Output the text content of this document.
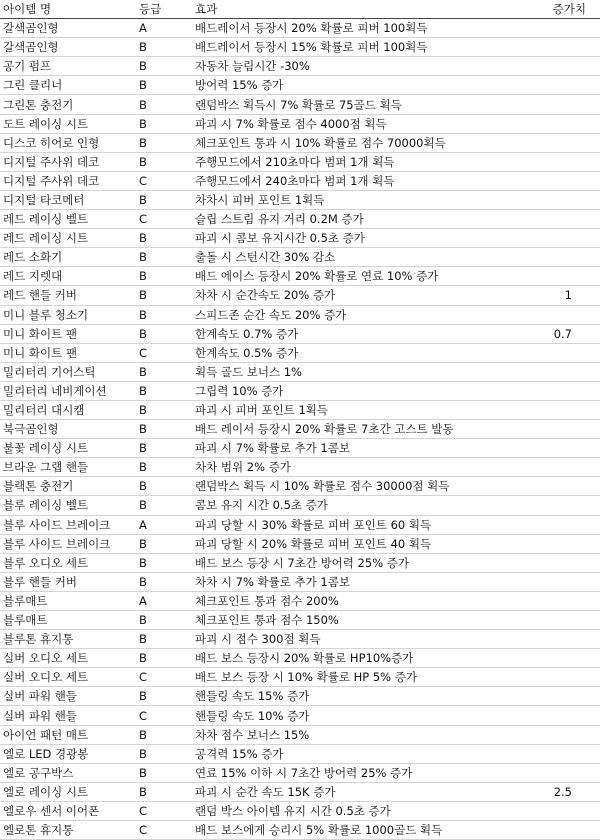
아이템 명	등급	효과	증가치
갈색곰인형	A	배드레이서 등장시 20% 확률로 피버 100획득	
갈색곰인형	B	배드레이서 등장시 15% 확률로 피버 100획득	
공기 펌프	B	자동차 늘림시간 -30%	
그린 클리너	B	방어력 15% 증가	
그린톤 충전기	B	랜덤박스 획득시 7% 확률로 75골드 획득	
도트 레이싱 시트	B	파괴 시 7% 확률로 점수 4000점 획득	
디스코 히어로 인형	B	체크포인트 통과 시 10% 확률로 점수 70000획득	
디지털 주사위 데코	B	주행모드에서 210초마다 범퍼 1개 획득	
디지털 주사위 데코	C	주행모드에서 240초마다 범퍼 1개 획득	
디지털 타코메터	B	차차시 피버 포인트 1획득	
레드 레이싱 벨트	C	슬립 스트림 유지 거리 0.2M 증가	
레드 레이싱 시트	B	파괴 시 콤보 유지시간 0.5초 증가	
레드 소화기	B	출돌 시 스턴시간 30% 감소	
레드 지렛대	B	배드 에이스 등장시 20% 확률로 연료 10% 증가	
레드 핸들 커버	B	차차 시 순간속도 20% 증가	1
미니 블루 청소기	B	스피드존 순간 속도 20% 증가	
미니 화이트 팬	B	한계속도 0.7% 증가	0.7
미니 화이트 팬	C	한계속도 0.5% 증가	
밀리터리 기어스틱	B	획득 골드 보너스 1%	
밀리터리 네비게이션	B	그립력 10% 증가	
밀리터리 대시캠	B	파괴 시 피버 포인트 1획득	
북극곰인형	B	배드 레이서 등장시 20% 확률로 7초간 고스트 발동	
불꽃 레이싱 시트	B	파괴 시 7% 확률로 추가 1콤보	
브라운 그랩 핸들	B	차차 범위 2% 증가	
블랙톤 충전기	B	랜덤박스 획득 시 10% 확률로 점수 30000점 획득	
블루 레이싱 벨트	B	콤보 유지 시간 0.5초 증가	
블루 사이드 브레이크	A	파괴 당할 시 30% 확률로 피버 포인트 60 획득	
블루 사이드 브레이크	B	파괴 당할 시 20% 확률로 피버 포인트 40 획득	
블루 오디오 세트	B	배드 보스 등장 시 7초간 방어력 25% 증가	
블루 핸들 커버	B	차차 시 7% 확률로 추가 1콤보	
블루매트	A	체크포인트 통과 점수 200%	
블루매트	B	체크포인트 통과 점수 150%	
블루톤 휴지통	B	파괴 시 점수 300점 획득	
실버 오디오 세트	B	배드 보스 등장시 20% 확률로 HP10%증가	
실버 오디오 세트	C	배드 보스 등장 시 10% 확률로 HP 5% 증가	
실버 파워 핸들	B	핸들링 속도 15% 증가	
실버 파워 핸들	C	핸들링 속도 10% 증가	
아이언 패턴 매트	B	차차 점수 보너스 15%	
엘로 LED 경광봉	B	공격력 15% 증가	
엘로 공구박스	B	연료 15% 이하 시 7초간 방어력 25% 증가	
엘로 레이싱 시트	B	파괴 시 순간 속도 15K 증가	2.5
엘로우 센서 이어폰	C	랜덤 박스 아이템 유지 시간 0.5초 증가	
엘로톤 휴지통	C	배드 보스에게 승리시 5% 확률로 1000골드 획득	
